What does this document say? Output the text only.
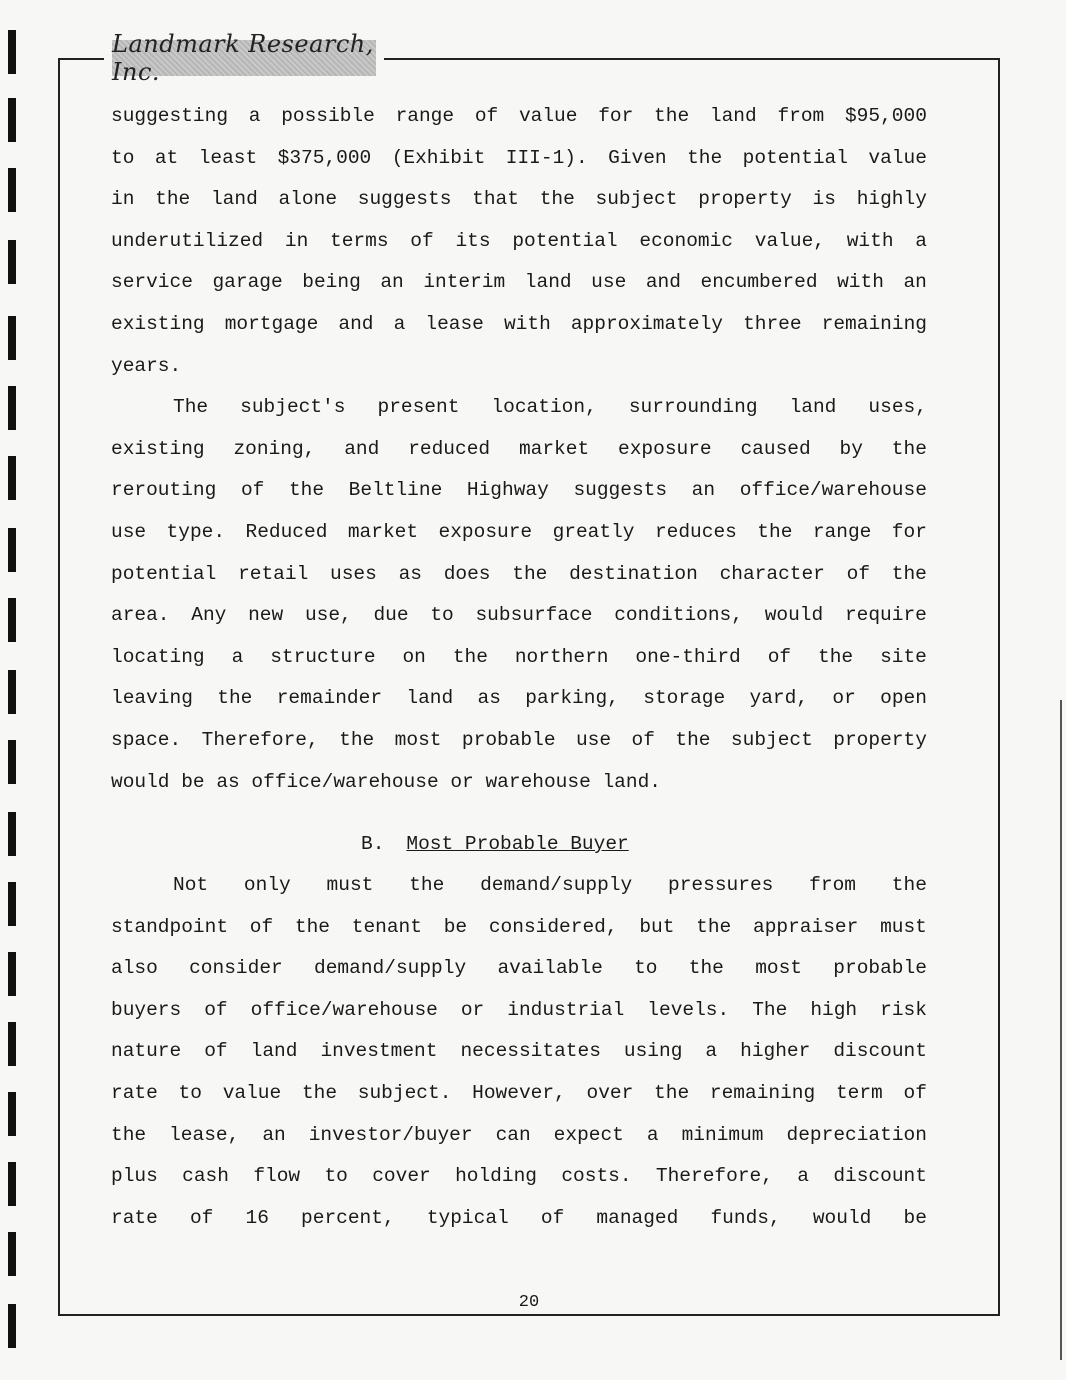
Landmark Research, Inc.
suggesting a possible range of value for the land from $95,000
to at least $375,000 (Exhibit III-1). Given the potential value
in the land alone suggests that the subject property is highly
underutilized in terms of its potential economic value, with a
service garage being an interim land use and encumbered with an
existing mortgage and a lease with approximately three remaining
years.
The subject's present location, surrounding land uses,
existing zoning, and reduced market exposure caused by the
rerouting of the Beltline Highway suggests an office/warehouse
use type. Reduced market exposure greatly reduces the range for
potential retail uses as does the destination character of the
area. Any new use, due to subsurface conditions, would require
locating a structure on the northern one-third of the site
leaving the remainder land as parking, storage yard, or open
space. Therefore, the most probable use of the subject property
would be as office/warehouse or warehouse land.
B. Most Probable Buyer
Not only must the demand/supply pressures from the
standpoint of the tenant be considered, but the appraiser must
also consider demand/supply available to the most probable
buyers of office/warehouse or industrial levels. The high risk
nature of land investment necessitates using a higher discount
rate to value the subject. However, over the remaining term of
the lease, an investor/buyer can expect a minimum depreciation
plus cash flow to cover holding costs. Therefore, a discount
rate of 16 percent, typical of managed funds, would be
20
